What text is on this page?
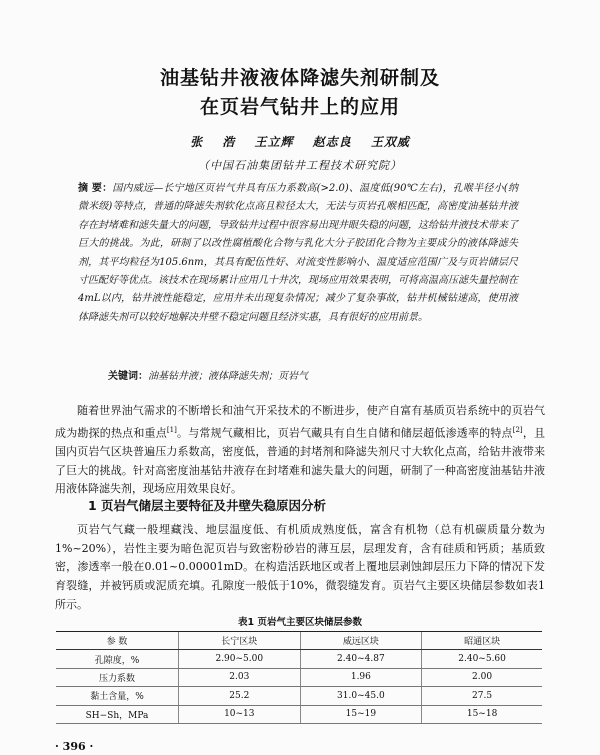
油基钻井液液体降滤失剂研制及
在页岩气钻井上的应用
张 浩 王立辉 赵志良 王双威
（中国石油集团钻井工程技术研究院）
摘 要：国内威远—长宁地区页岩气井具有压力系数高(>2.0)、温度低(90℃左右)，孔喉半径小(纳微米级)等特点，普通的降滤失剂软化点高且粒径太大，无法与页岩孔喉相匹配，高密度油基钻井液存在封堵难和滤失量大的问题，导致钻井过程中很容易出现井眼失稳的问题，这给钻井液技术带来了巨大的挑战。为此，研制了以改性腐植酸化合物与乳化大分子胶团化合物为主要成分的液体降滤失剂，其平均粒径为105.6nm，其具有配伍性好、对流变性影响小、温度适应范围广及与页岩储层尺寸匹配好等优点。该技术在现场累计应用几十井次，现场应用效果表明，可将高温高压滤失量控制在4mL以内，钻井液性能稳定，应用井未出现复杂情况；减少了复杂事故，钻井机械钻速高，使用液体降滤失剂可以较好地解决井壁不稳定问题且经济实惠，具有很好的应用前景。
关键词：油基钻井液；液体降滤失剂；页岩气
随着世界油气需求的不断增长和油气开采技术的不断进步，使产自富有基质页岩系统中的页岩气成为勘探的热点和重点[1]。与常规气藏相比，页岩气藏具有自生自储和储层超低渗透率的特点[2]，且国内页岩气区块普遍压力系数高，密度低，普通的封堵剂和降滤失剂尺寸大软化点高，给钻井液带来了巨大的挑战。针对高密度油基钻井液存在封堵难和滤失量大的问题，研制了一种高密度油基钻井液用液体降滤失剂，现场应用效果良好。
1 页岩气储层主要特征及井壁失稳原因分析
页岩气气藏一般埋藏浅、地层温度低、有机质成熟度低，富含有机物（总有机碳质量分数为1%~20%），岩性主要为暗色泥页岩与致密粉砂岩的薄互层，层理发育，含有硅质和钙质；基质致密，渗透率一般在0.01~0.00001mD。在构造活跃地区或者上覆地层剥蚀卸层压力下降的情况下发育裂缝，并被钙质或泥质充填。孔隙度一般低于10%，微裂缝发育。页岩气主要区块储层参数如表1所示。
表1 页岩气主要区块储层参数
参 数	长宁区块	威远区块	昭通区块
孔隙度，%	2.90~5.00	2.40~4.87	2.40~5.60
压力系数	2.03	1.96	2.00
黏土含量，%	25.2	31.0~45.0	27.5
SH−Sh，MPa	10~13	15~19	15~18
· 396 ·
